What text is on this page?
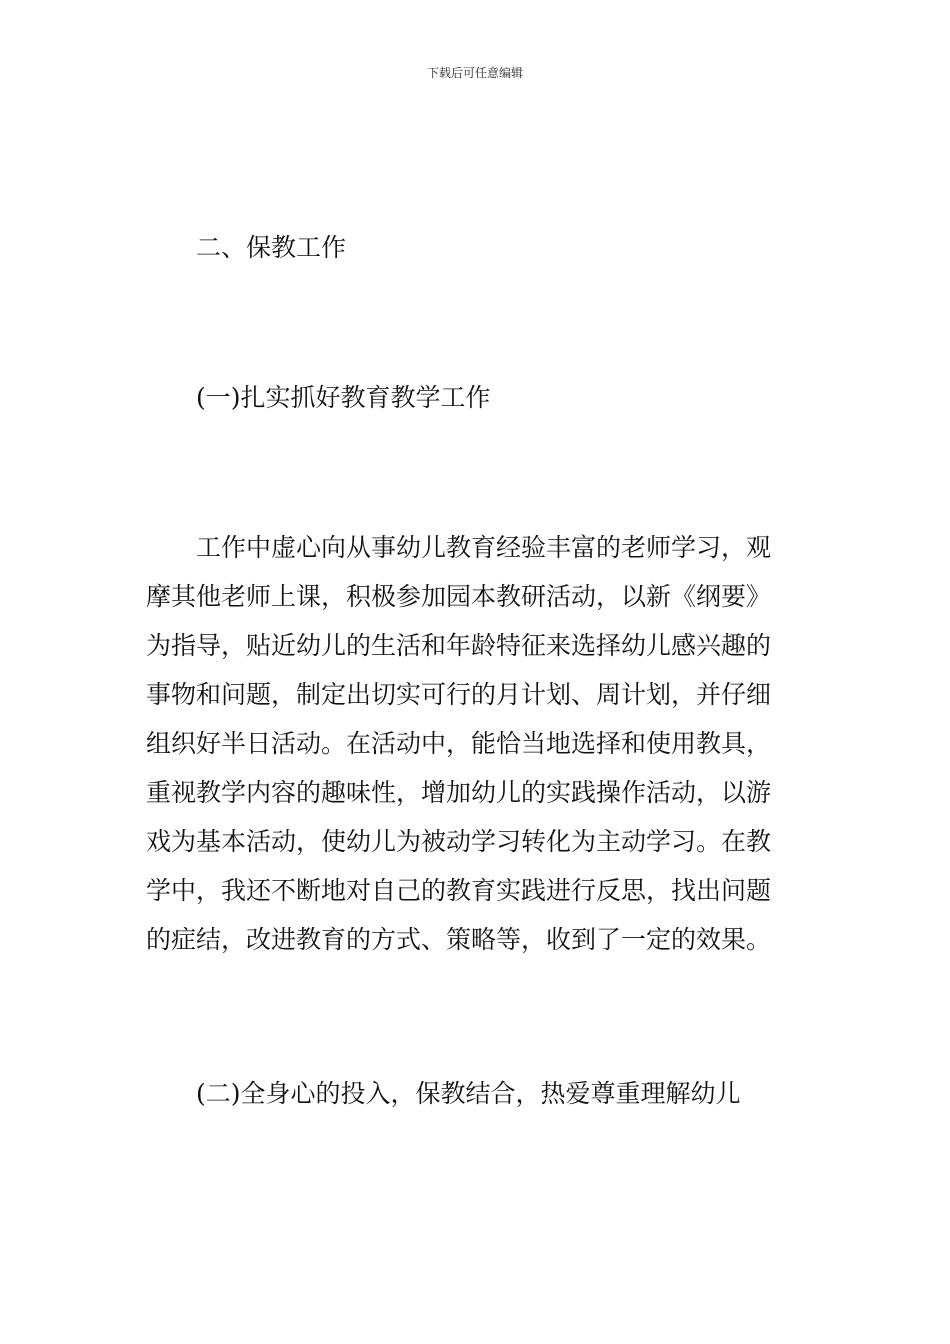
下载后可任意编辑
二、保教工作
(一)扎实抓好教育教学工作
工作中虚心向从事幼儿教育经验丰富的老师学习，观
摩其他老师上课，积极参加园本教研活动，以新《纲要》
为指导，贴近幼儿的生活和年龄特征来选择幼儿感兴趣的
事物和问题，制定出切实可行的月计划、周计划，并仔细
组织好半日活动。在活动中，能恰当地选择和使用教具，
重视教学内容的趣味性，增加幼儿的实践操作活动，以游
戏为基本活动，使幼儿为被动学习转化为主动学习。在教
学中，我还不断地对自己的教育实践进行反思，找出问题
的症结，改进教育的方式、策略等，收到了一定的效果。
(二)全身心的投入，保教结合，热爱尊重理解幼儿
